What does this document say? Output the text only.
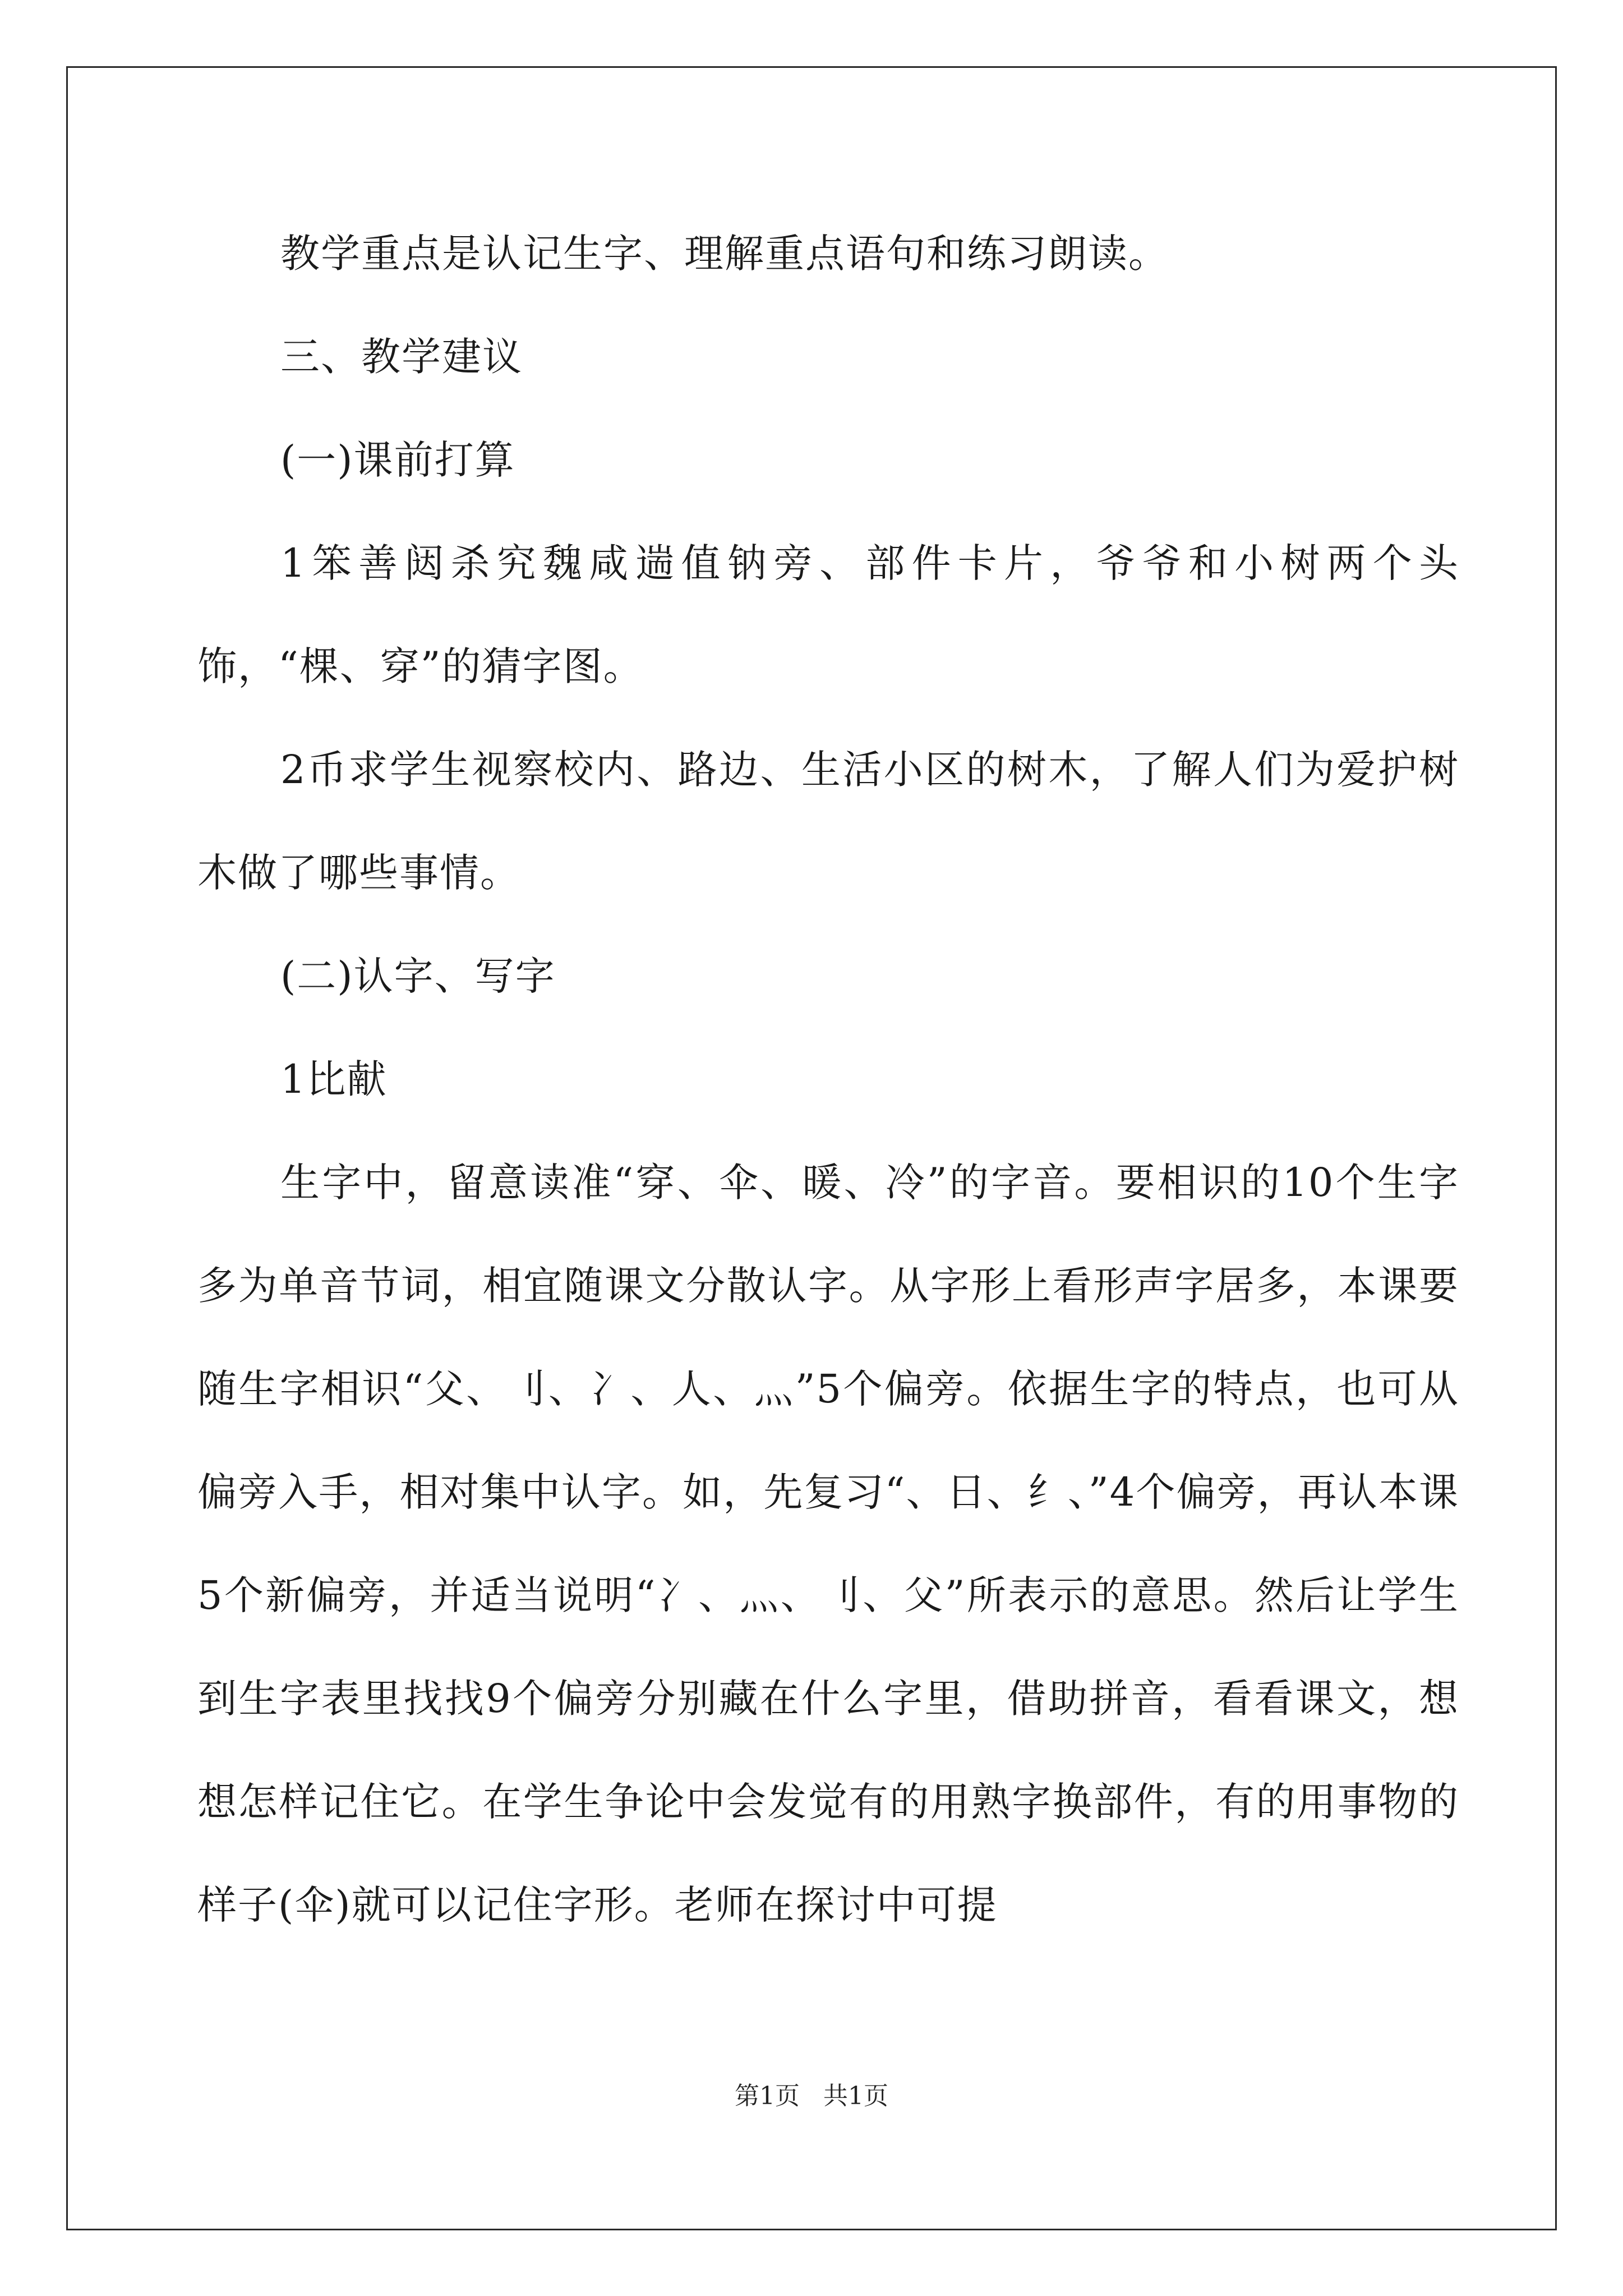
教学重点是认记生字、理解重点语句和练习朗读。

三、教学建议

(一)课前打算

1笨善闼杀究魏咸遄值钠旁、部件卡片，爷爷和小树两个头饰，“棵、穿”的猜字图。

2币求学生视察校内、路边、生活小区的树木，了解人们为爱护树木做了哪些事情。

(二)认字、写字

1比献

生字中，留意读准“穿、伞、暖、冷”的字音。要相识的10个生字多为单音节词，相宜随课文分散认字。从字形上看形声字居多，本课要随生字相识“父、刂、冫、人、灬”5个偏旁。依据生字的特点，也可从偏旁入手，相对集中认字。如，先复习“、日、纟、”4个偏旁，再认本课5个新偏旁，并适当说明“冫、灬、刂、父”所表示的意思。然后让学生到生字表里找找9个偏旁分别藏在什么字里，借助拼音，看看课文，想想怎样记住它。在学生争论中会发觉有的用熟字换部件，有的用事物的样子(伞)就可以记住字形。老师在探讨中可提

第1页   共1页
